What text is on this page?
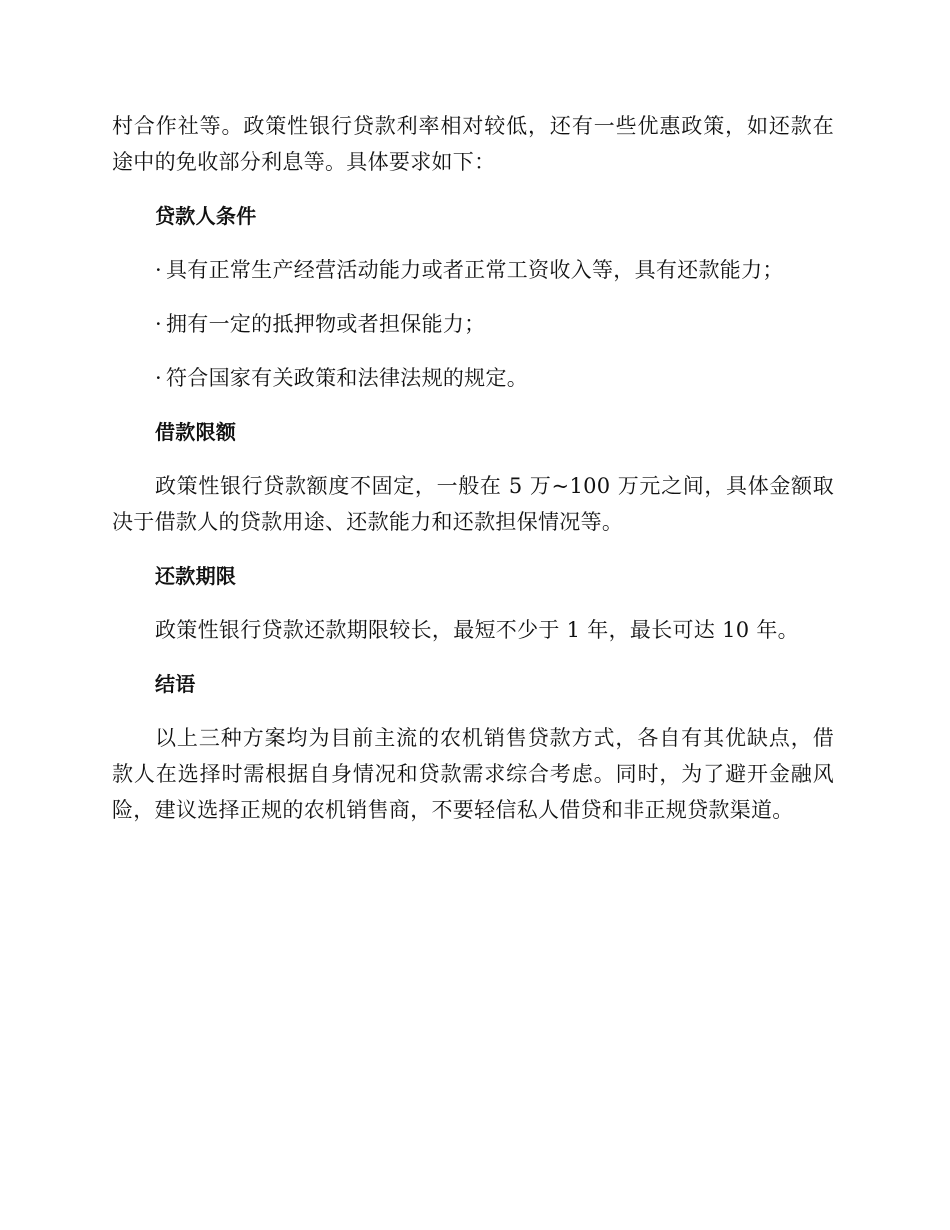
村合作社等。政策性银行贷款利率相对较低，还有一些优惠政策，如还款在途中的免收部分利息等。具体要求如下：

贷款人条件

· 具有正常生产经营活动能力或者正常工资收入等，具有还款能力；

· 拥有一定的抵押物或者担保能力；

· 符合国家有关政策和法律法规的规定。

借款限额

政策性银行贷款额度不固定，一般在 5 万~100 万元之间，具体金额取决于借款人的贷款用途、还款能力和还款担保情况等。

还款期限

政策性银行贷款还款期限较长，最短不少于 1 年，最长可达 10 年。

结语

以上三种方案均为目前主流的农机销售贷款方式，各自有其优缺点，借款人在选择时需根据自身情况和贷款需求综合考虑。同时，为了避开金融风险，建议选择正规的农机销售商，不要轻信私人借贷和非正规贷款渠道。
